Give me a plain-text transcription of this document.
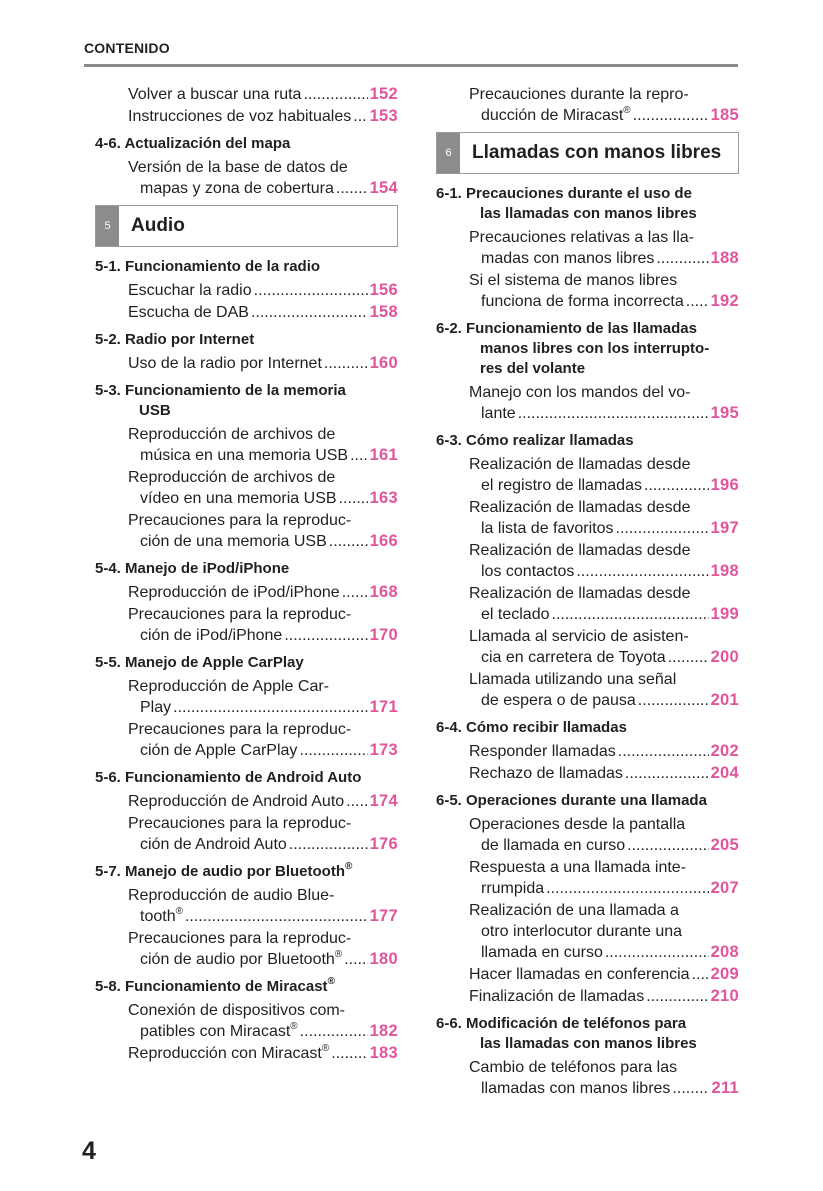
CONTENIDO
Volver a buscar una ruta .....	152
Instrucciones de voz habituales ..... 153
4-6. Actualización del mapa
Versión de la base de datos de
mapas y zona de cobertura ..... 154
5	Audio
5-1. Funcionamiento de la radio
Escuchar la radio .....	156
Escucha de DAB .....	158
5-2. Radio por Internet
Uso de la radio por Internet .....	160
5-3. Funcionamiento de la memoria
USB
Reproducción de archivos de
música en una memoria USB ..... 161
Reproducción de archivos de
vídeo en una memoria USB ..... 163
Precauciones para la reproduc-
ción de una memoria USB .....	166
5-4. Manejo de iPod/iPhone
Reproducción de iPod/iPhone ..... 168
Precauciones para la reproduc-
ción de iPod/iPhone .....	170
5-5. Manejo de Apple CarPlay
Reproducción de Apple Car-
Play .....	171
Precauciones para la reproduc-
ción de Apple CarPlay .....	173
5-6. Funcionamiento de Android Auto
Reproducción de Android Auto ..... 174
Precauciones para la reproduc-
ción de Android Auto .....	176
5-7. Manejo de audio por Bluetooth®
Reproducción de audio Blue-
tooth® .....	177
Precauciones para la reproduc-
ción de audio por Bluetooth® ..... 180
5-8. Funcionamiento de Miracast®
Conexión de dispositivos com-
patibles con Miracast® .....	182
Reproducción con Miracast® ..... 183
Precauciones durante la repro-
ducción de Miracast® .....	185
6	Llamadas con manos libres
6-1. Precauciones durante el uso de
las llamadas con manos libres
Precauciones relativas a las lla-
madas con manos libres .....	188
Si el sistema de manos libres
funciona de forma incorrecta ..... 192
6-2. Funcionamiento de las llamadas
manos libres con los interrupto-
res del volante
Manejo con los mandos del vo-
lante .....	195
6-3. Cómo realizar llamadas
Realización de llamadas desde
el registro de llamadas .....	196
Realización de llamadas desde
la lista de favoritos .....	197
Realización de llamadas desde
los contactos .....	198
Realización de llamadas desde
el teclado .....	199
Llamada al servicio de asisten-
cia en carretera de Toyota .....	200
Llamada utilizando una señal
de espera o de pausa .....	201
6-4. Cómo recibir llamadas
Responder llamadas .....	202
Rechazo de llamadas .....	204
6-5. Operaciones durante una llamada
Operaciones desde la pantalla
de llamada en curso .....	205
Respuesta a una llamada inte-
rrumpida .....	207
Realización de una llamada a
otro interlocutor durante una
llamada en curso .....	208
Hacer llamadas en conferencia ..... 209
Finalización de llamadas .....	210
6-6. Modificación de teléfonos para
las llamadas con manos libres
Cambio de teléfonos para las
llamadas con manos libres ..... 211
4
